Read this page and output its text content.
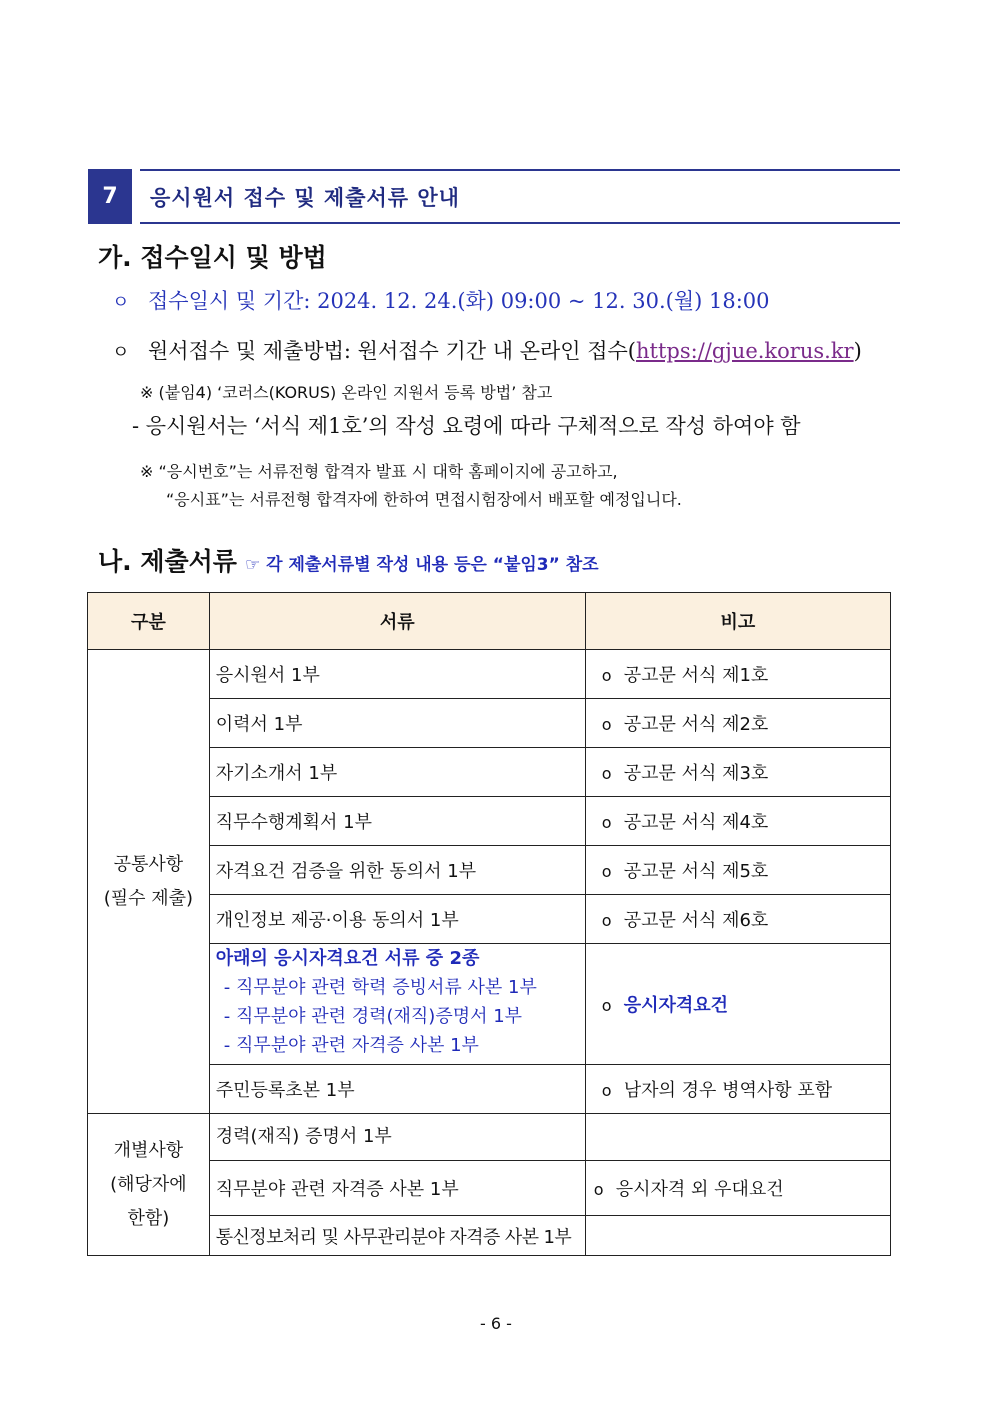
7	응시원서 접수 및 제출서류 안내
가. 접수일시 및 방법
ㅇ 접수일시 및 기간: 2024. 12. 24.(화) 09:00 ~ 12. 30.(월) 18:00
ㅇ 원서접수 및 제출방법: 원서접수 기간 내 온라인 접수(https://gjue.korus.kr)
※ (붙임4) ‘코러스(KORUS) 온라인 지원서 등록 방법’ 참고
- 응시원서는 ‘서식 제1호’의 작성 요령에 따라 구체적으로 작성 하여야 함
※ “응시번호”는 서류전형 합격자 발표 시 대학 홈페이지에 공고하고,
“응시표”는 서류전형 합격자에 한하여 면접시험장에서 배포할 예정입니다.
나. 제출서류 ☞ 각 제출서류별 작성 내용 등은 “붙임3” 참조
구분	서류	비고

공통사항
(필수 제출)	응시원서 1부	o 공고문 서식 제1호
	이력서 1부	o 공고문 서식 제2호
	자기소개서 1부	o 공고문 서식 제3호
	직무수행계획서 1부	o 공고문 서식 제4호
	자격요건 검증을 위한 동의서 1부	o 공고문 서식 제5호
	개인정보 제공·이용 동의서 1부	o 공고문 서식 제6호

	아래의 응시자격요건 서류 중 2종
- 직무분야 관련 학력 증빙서류 사본 1부
- 직무분야 관련 경력(재직)증명서 1부
- 직무분야 관련 자격증 사본 1부	o 응시자격요건
	주민등록초본 1부	o 남자의 경우 병역사항 포함

개별사항
(해당자에
한함)	경력(재직) 증명서 1부	
	직무분야 관련 자격증 사본 1부	o 응시자격 외 우대요건
	통신정보처리 및 사무관리분야 자격증 사본 1부	
- 6 -
